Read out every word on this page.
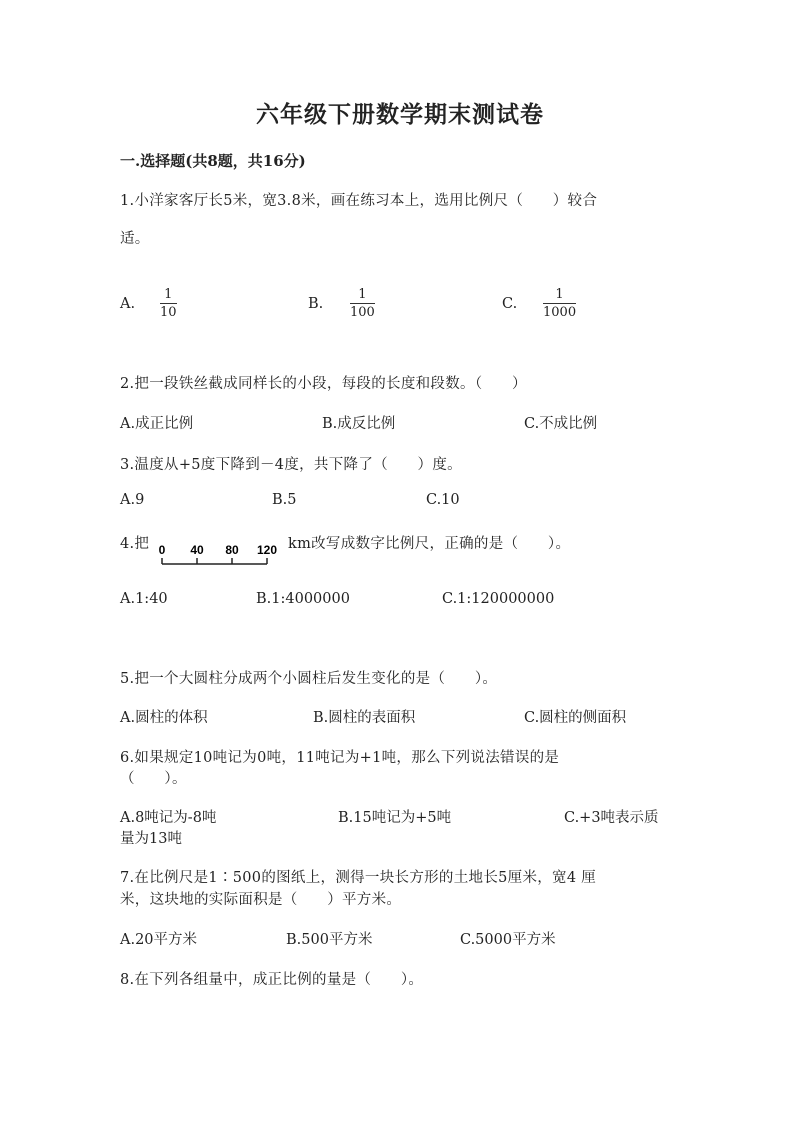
六年级下册数学期末测试卷
一.选择题(共8题，共16分)
1.小洋家客厅长5米，宽3.8米，画在练习本上，选用比例尺（　　）较合
适。
A.
1
10
B.
1
100
C.
1
1000
2.把一段铁丝截成同样长的小段，每段的长度和段数。（　　）
A.成正比例	B.成反比例	C.不成比例
3.温度从+5度下降到－4度，共下降了（　　）度。
A.9	B.5	C.10
4.把 0 40 80 120 km改写成数字比例尺，正确的是（　　）。
A.1:40	B.1:4000000	C.1:120000000
5.把一个大圆柱分成两个小圆柱后发生变化的是（　　）。
A.圆柱的体积	B.圆柱的表面积	C.圆柱的侧面积
6.如果规定10吨记为0吨，11吨记为+1吨，那么下列说法错误的是
（　　）。
A.8吨记为-8吨	B.15吨记为+5吨	C.+3吨表示质
量为13吨
7.在比例尺是1∶500的图纸上，测得一块长方形的土地长5厘米，宽4 厘
米，这块地的实际面积是（　　）平方米。
A.20平方米	B.500平方米	C.5000平方米
8.在下列各组量中，成正比例的量是（　　）。
